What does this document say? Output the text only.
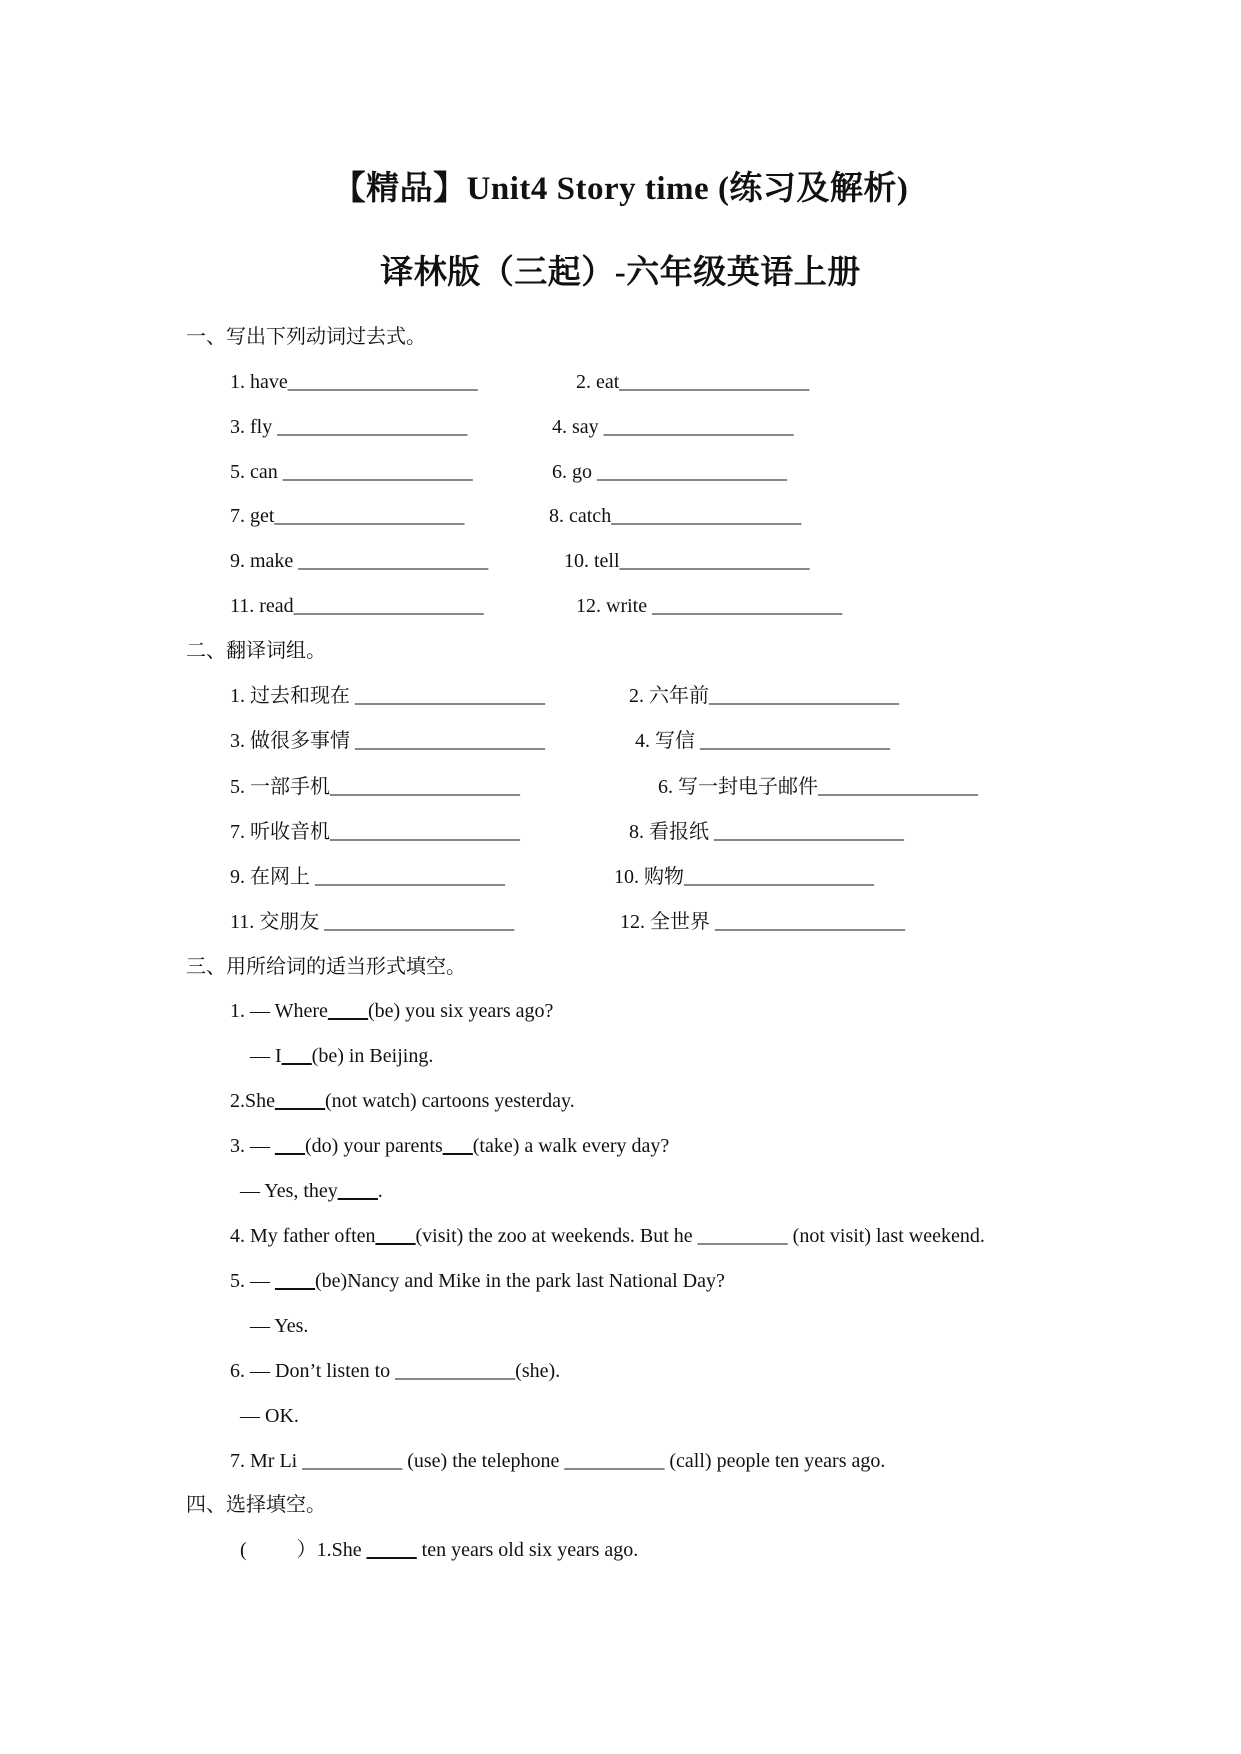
【精品】Unit4 Story time (练习及解析)
译林版（三起）-六年级英语上册
一、写出下列动词过去式。
1. have___________________	2. eat___________________
3. fly ___________________	4. say ___________________
5. can ___________________	6. go ___________________
7. get___________________	8. catch___________________
9. make ___________________	10. tell___________________
11. read___________________	12. write ___________________
二、翻译词组。
1. 过去和现在 ___________________	2. 六年前___________________
3. 做很多事情 ___________________	4. 写信 ___________________
5. 一部手机___________________	6. 写一封电子邮件________________
7. 听收音机___________________	8. 看报纸 ___________________
9. 在网上 ___________________	10. 购物___________________
11. 交朋友 ___________________	12. 全世界 ___________________
三、用所给词的适当形式填空。
1. — Where____(be) you six years ago?
— I___(be) in Beijing.
2.She_____(not watch) cartoons yesterday.
3. — ___(do) your parents___(take) a walk every day?
— Yes, they____.
4. My father often____(visit) the zoo at weekends. But he _________ (not visit) last weekend.
5. — ____(be)Nancy and Mike in the park last National Day?
— Yes.
6. — Don’t listen to ____________(she).
— OK.
7. Mr Li __________ (use) the telephone __________ (call) people ten years ago.
四、选择填空。
(          ）1.She _____ ten years old six years ago.
